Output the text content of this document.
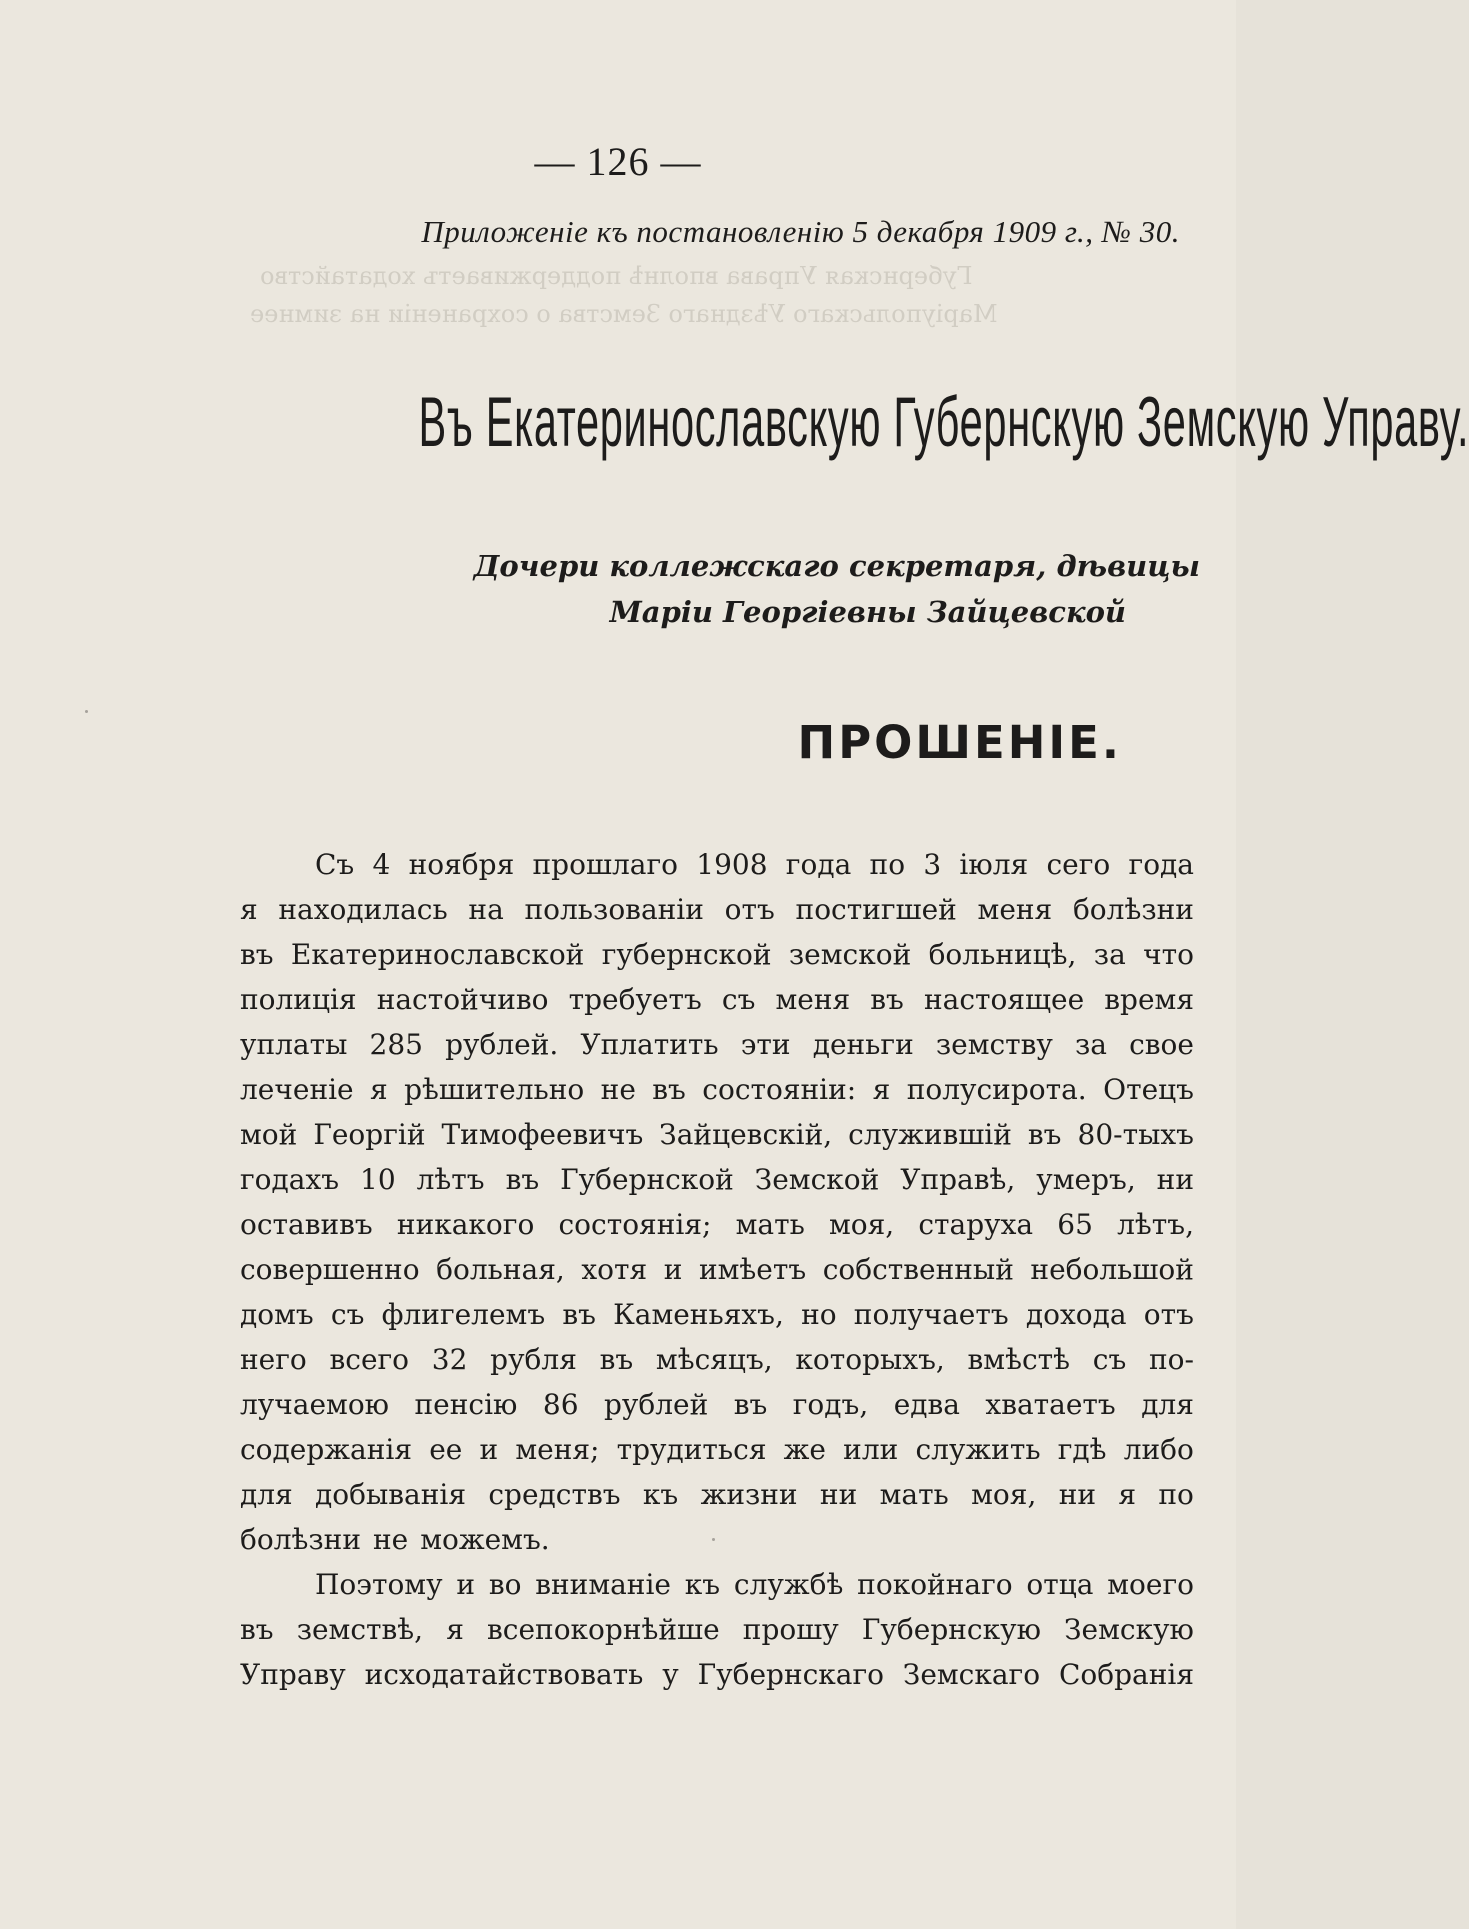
Губернская Управа вполнѣ поддерживаетъ ходатайство
Маріупольскаго Уѣзднаго Земства о сохраненіи на зимнее
— 126 —
Приложеніе къ постановленію 5 декабря 1909 г., № 30.
Въ Екатеринославскую Губернскую Земскую Управу.
Дочери коллежскаго секретаря, дѣвицы
Маріи Георгіевны Зайцевской
ПРОШЕНІЕ.
Съ 4 ноября прошлаго 1908 года по 3 іюля сего года
я находилась на пользованіи отъ постигшей меня болѣзни
въ Екатеринославской губернской земской больницѣ, за что
полиція настойчиво требуетъ съ меня въ настоящее время
уплаты 285 рублей. Уплатить эти деньги земству за свое
леченіе я рѣшительно не въ состояніи: я полусирота. Отецъ
мой Георгій Тимофеевичъ Зайцевскій, служившій въ 80-тыхъ
годахъ 10 лѣтъ въ Губернской Земской Управѣ, умеръ, ни
оставивъ никакого состоянія; мать моя, старуха 65 лѣтъ,
совершенно больная, хотя и имѣетъ собственный небольшой
домъ съ флигелемъ въ Каменьяхъ, но получаетъ дохода отъ
него всего 32 рубля въ мѣсяцъ, которыхъ, вмѣстѣ съ по-
лучаемою пенсію 86 рублей въ годъ, едва хватаетъ для
содержанія ее и меня; трудиться же или служить гдѣ либо
для добыванія средствъ къ жизни ни мать моя, ни я по
болѣзни не можемъ.
Поэтому и во вниманіе къ службѣ покойнаго отца моего
въ земствѣ, я всепокорнѣйше прошу Губернскую Земскую
Управу исходатайствовать у Губернскаго Земскаго Собранія
